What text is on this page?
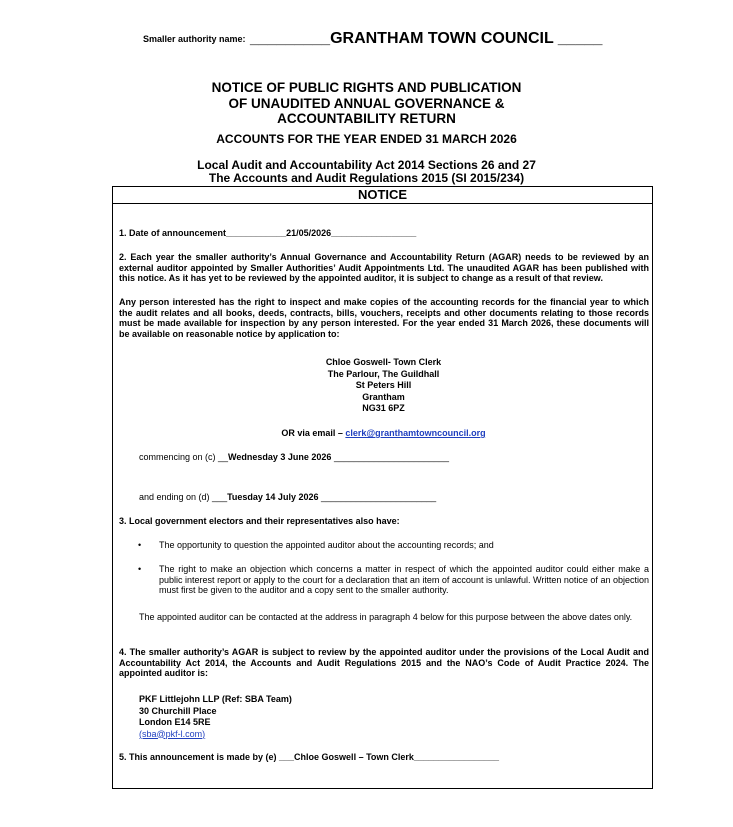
Smaller authority name: _________GRANTHAM TOWN COUNCIL _____
NOTICE OF PUBLIC RIGHTS AND PUBLICATION
OF UNAUDITED ANNUAL GOVERNANCE &
ACCOUNTABILITY RETURN
ACCOUNTS FOR THE YEAR ENDED 31 MARCH 2026
Local Audit and Accountability Act 2014 Sections 26 and 27
The Accounts and Audit Regulations 2015 (SI 2015/234)
NOTICE
1. Date of announcement____________21/05/2026_________________
2. Each year the smaller authority’s Annual Governance and Accountability Return (AGAR) needs to be reviewed by an external auditor appointed by Smaller Authorities’ Audit Appointments Ltd. The unaudited AGAR has been published with this notice. As it has yet to be reviewed by the appointed auditor, it is subject to change as a result of that review.
Any person interested has the right to inspect and make copies of the accounting records for the financial year to which the audit relates and all books, deeds, contracts, bills, vouchers, receipts and other documents relating to those records must be made available for inspection by any person interested. For the year ended 31 March 2026, these documents will be available on reasonable notice by application to:
Chloe Goswell- Town Clerk
The Parlour, The Guildhall
St Peters Hill
Grantham
NG31 6PZ
OR via email – clerk@granthamtowncouncil.org
commencing on (c) __Wednesday 3 June 2026 _______________________
and ending on (d) ___Tuesday 14 July 2026 _______________________
3. Local government electors and their representatives also have:
• The opportunity to question the appointed auditor about the accounting records; and
• The right to make an objection which concerns a matter in respect of which the appointed auditor could either make a public interest report or apply to the court for a declaration that an item of account is unlawful. Written notice of an objection must first be given to the auditor and a copy sent to the smaller authority.
The appointed auditor can be contacted at the address in paragraph 4 below for this purpose between the above dates only.
4. The smaller authority’s AGAR is subject to review by the appointed auditor under the provisions of the Local Audit and Accountability Act 2014, the Accounts and Audit Regulations 2015 and the NAO’s Code of Audit Practice 2024. The appointed auditor is:
PKF Littlejohn LLP (Ref: SBA Team)
30 Churchill Place
London E14 5RE
(sba@pkf-l.com)
5. This announcement is made by (e) ___Chloe Goswell – Town Clerk_________________
